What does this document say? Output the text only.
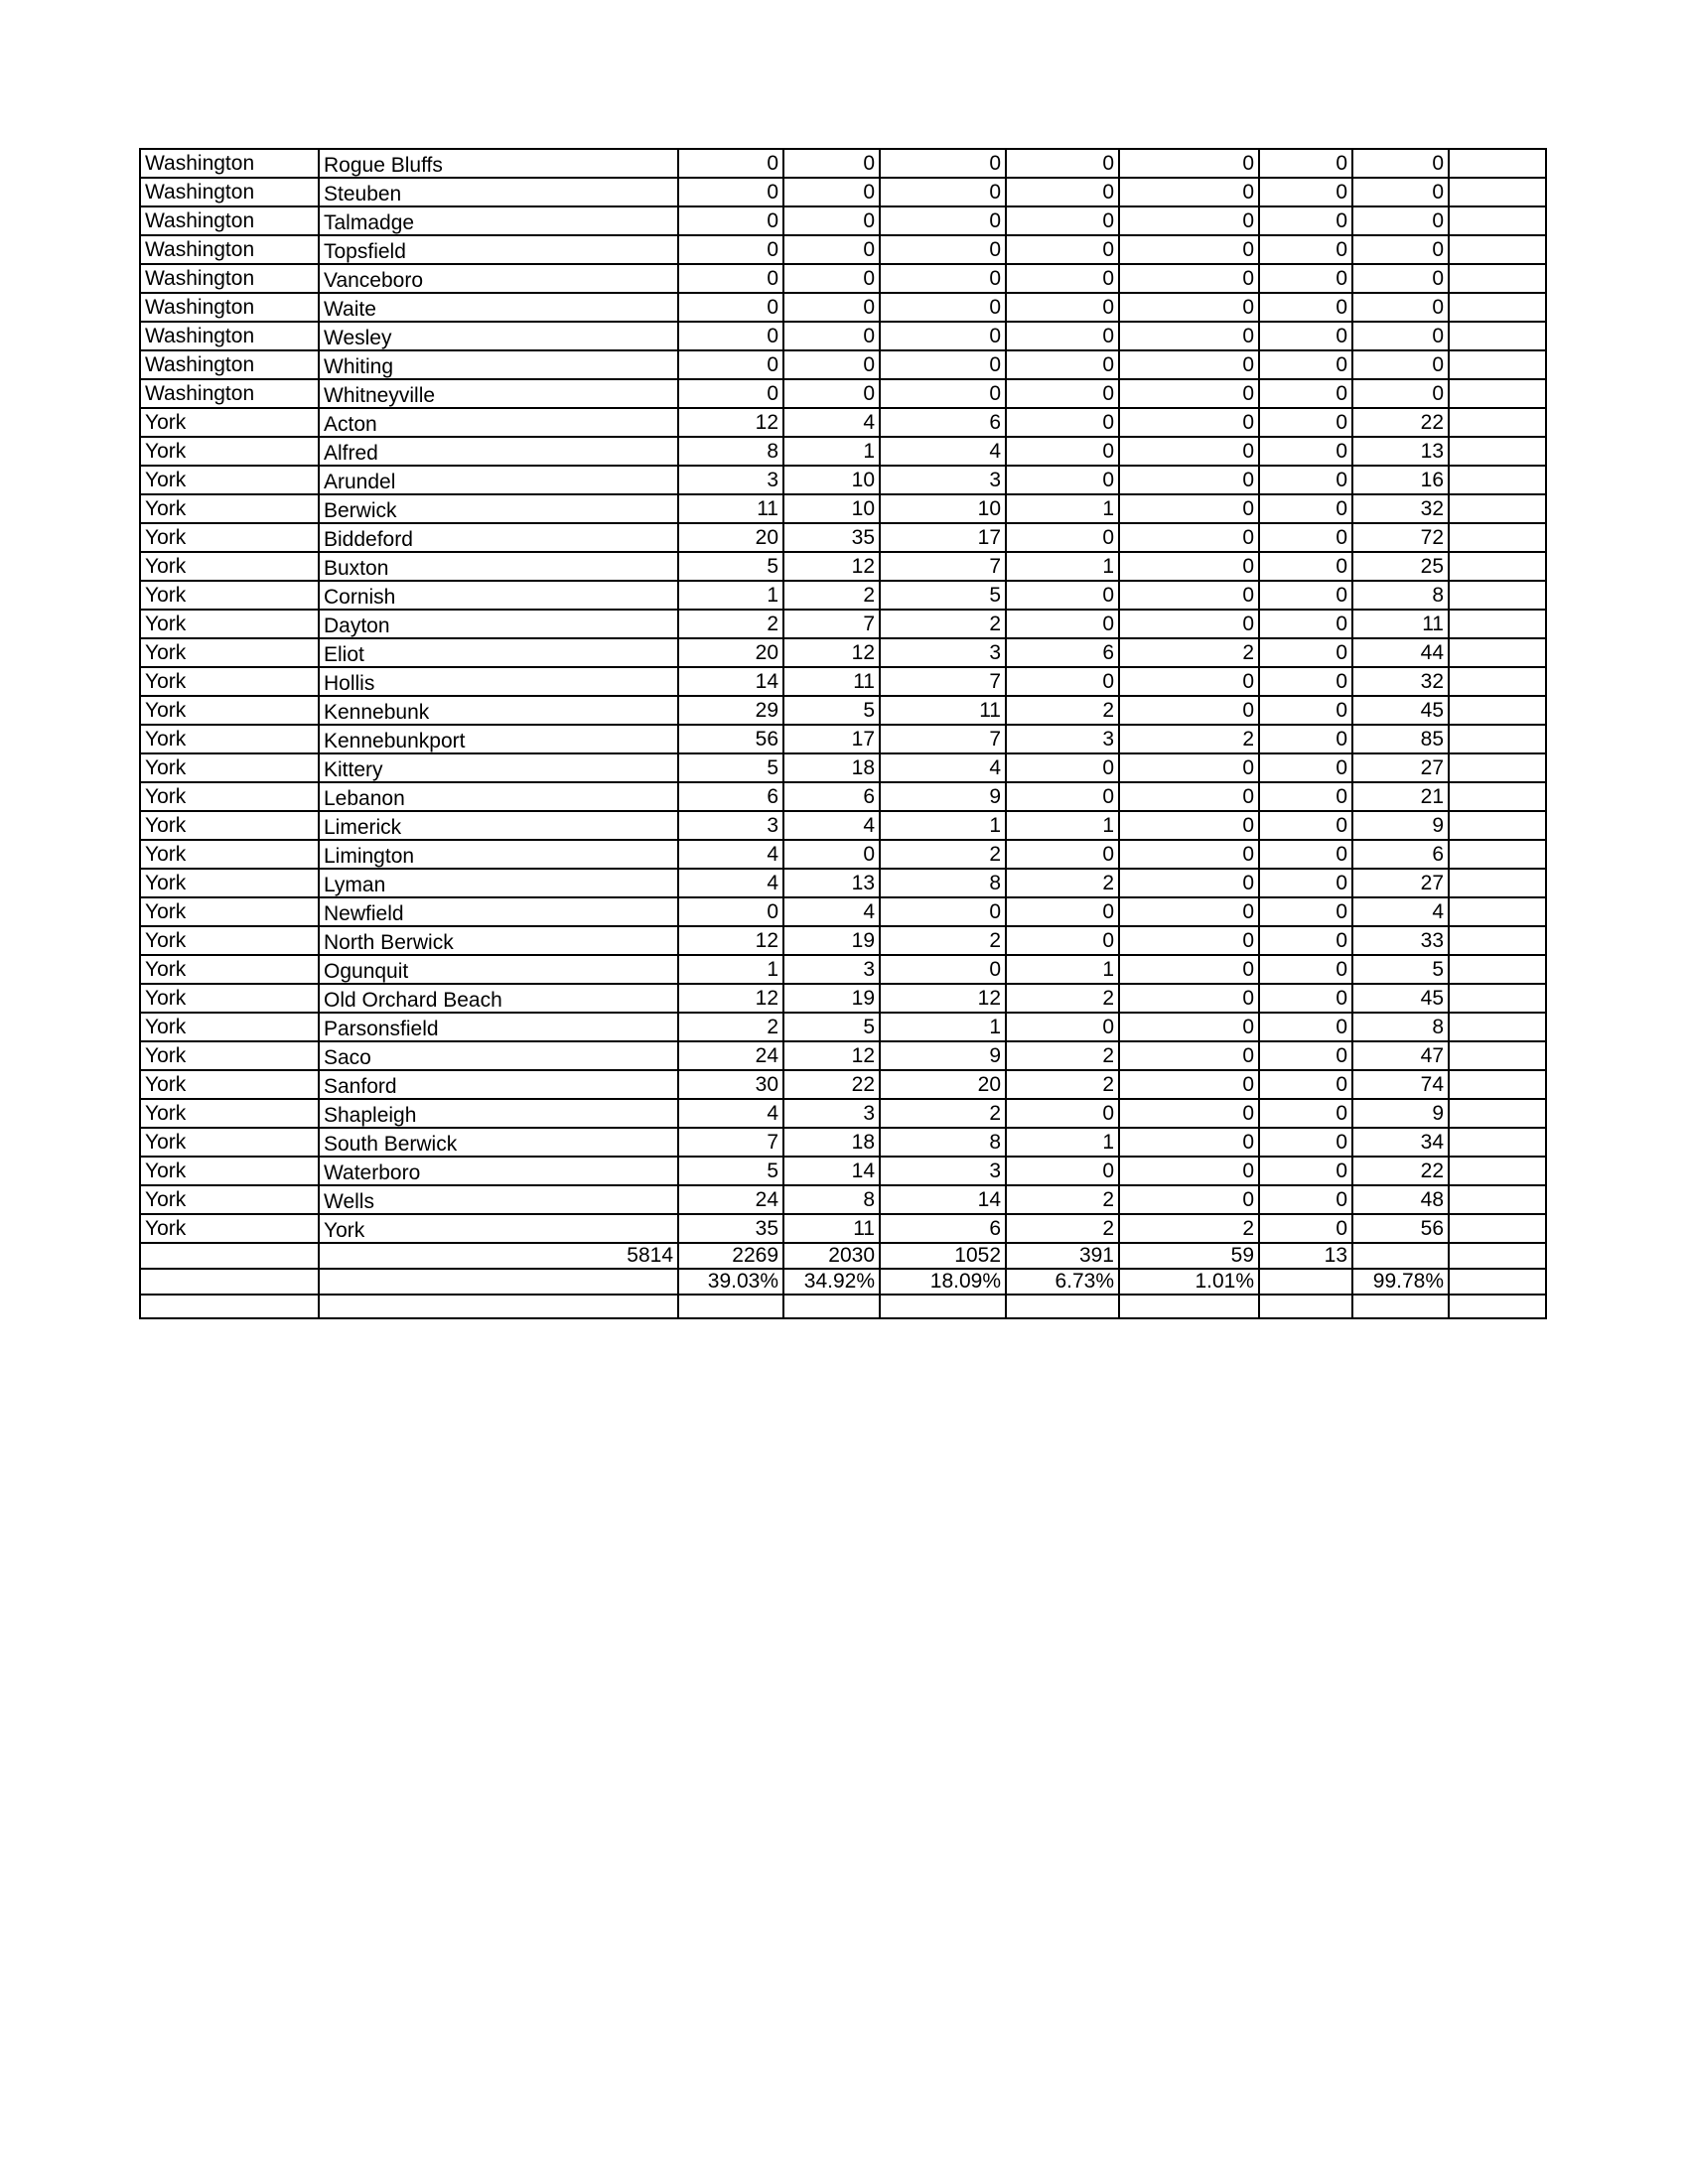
Washington	Rogue Bluffs	0	0	0	0	0	0	0	
Washington	Steuben	0	0	0	0	0	0	0	
Washington	Talmadge	0	0	0	0	0	0	0	
Washington	Topsfield	0	0	0	0	0	0	0	
Washington	Vanceboro	0	0	0	0	0	0	0	
Washington	Waite	0	0	0	0	0	0	0	
Washington	Wesley	0	0	0	0	0	0	0	
Washington	Whiting	0	0	0	0	0	0	0	
Washington	Whitneyville	0	0	0	0	0	0	0	
York	Acton	12	4	6	0	0	0	22	
York	Alfred	8	1	4	0	0	0	13	
York	Arundel	3	10	3	0	0	0	16	
York	Berwick	11	10	10	1	0	0	32	
York	Biddeford	20	35	17	0	0	0	72	
York	Buxton	5	12	7	1	0	0	25	
York	Cornish	1	2	5	0	0	0	8	
York	Dayton	2	7	2	0	0	0	11	
York	Eliot	20	12	3	6	2	0	44	
York	Hollis	14	11	7	0	0	0	32	
York	Kennebunk	29	5	11	2	0	0	45	
York	Kennebunkport	56	17	7	3	2	0	85	
York	Kittery	5	18	4	0	0	0	27	
York	Lebanon	6	6	9	0	0	0	21	
York	Limerick	3	4	1	1	0	0	9	
York	Limington	4	0	2	0	0	0	6	
York	Lyman	4	13	8	2	0	0	27	
York	Newfield	0	4	0	0	0	0	4	
York	North Berwick	12	19	2	0	0	0	33	
York	Ogunquit	1	3	0	1	0	0	5	
York	Old Orchard Beach	12	19	12	2	0	0	45	
York	Parsonsfield	2	5	1	0	0	0	8	
York	Saco	24	12	9	2	0	0	47	
York	Sanford	30	22	20	2	0	0	74	
York	Shapleigh	4	3	2	0	0	0	9	
York	South Berwick	7	18	8	1	0	0	34	
York	Waterboro	5	14	3	0	0	0	22	
York	Wells	24	8	14	2	0	0	48	
York	York	35	11	6	2	2	0	56	
	5814	2269	2030	1052	391	59	13		
		39.03%	34.92%	18.09%	6.73%	1.01%		99.78%	
